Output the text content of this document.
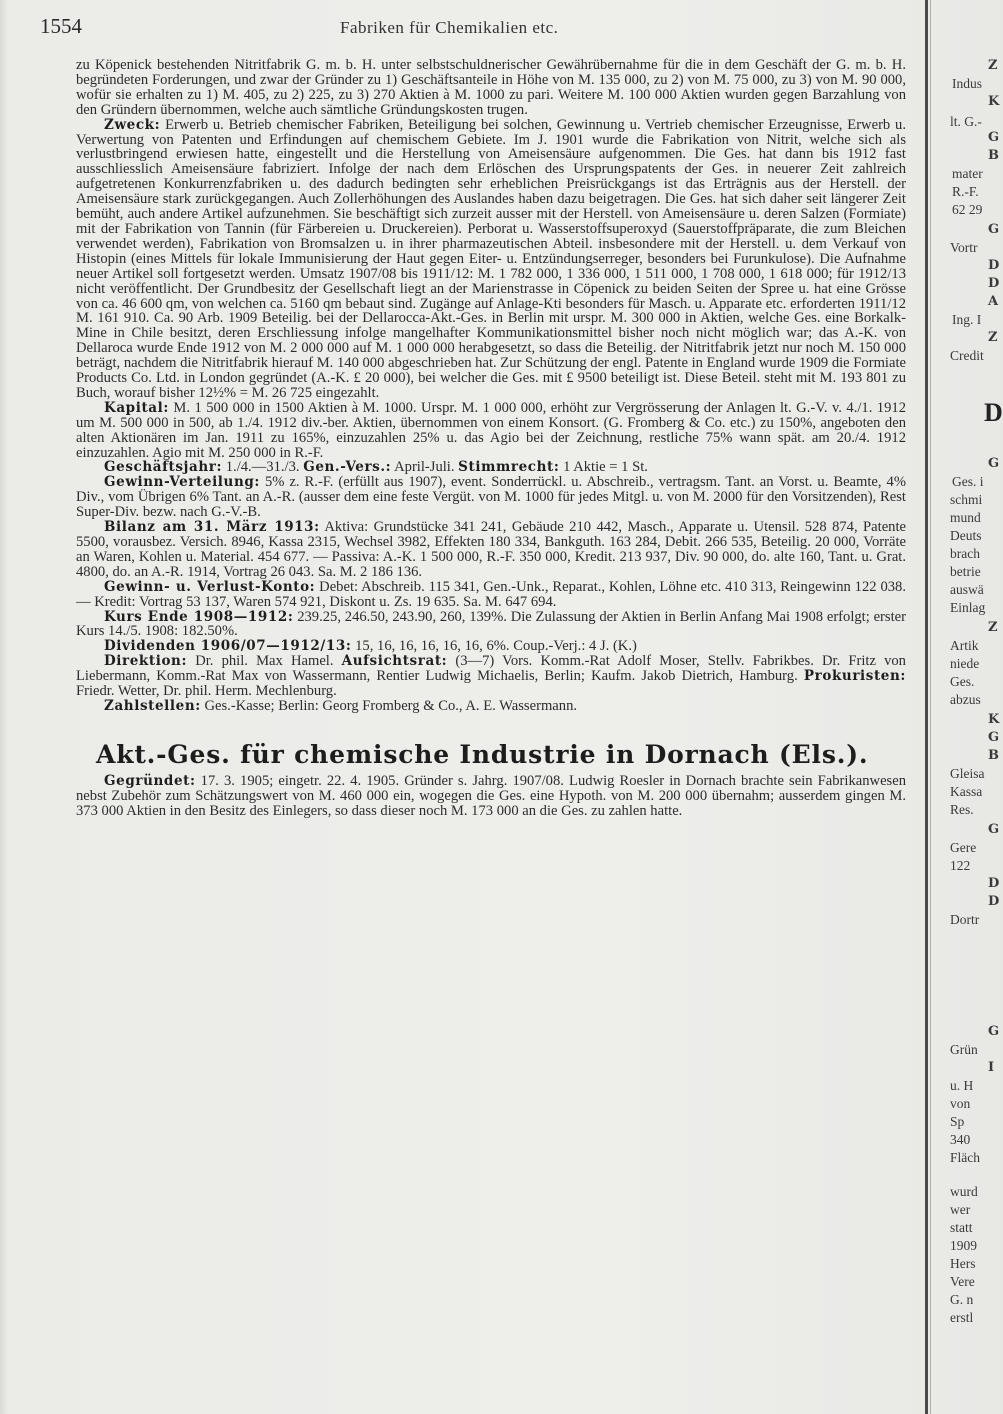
1554	Fabriken für Chemikalien etc.

zu Köpenick bestehenden Nitritfabrik G. m. b. H. unter selbstschuldnerischer Gewährübernahme für die in dem Geschäft der G. m. b. H. begründeten Forderungen, und zwar der Gründer zu 1) Geschäftsanteile in Höhe von M. 135 000, zu 2) von M. 75 000, zu 3) von M. 90 000, wofür sie erhalten zu 1) M. 405, zu 2) 225, zu 3) 270 Aktien à M. 1000 zu pari. Weitere M. 100 000 Aktien wurden gegen Barzahlung von den Gründern übernommen, welche auch sämtliche Gründungskosten trugen.

Zweck: Erwerb u. Betrieb chemischer Fabriken, Beteiligung bei solchen, Gewinnung u. Vertrieb chemischer Erzeugnisse, Erwerb u. Verwertung von Patenten und Erfindungen auf chemischem Gebiete. Im J. 1901 wurde die Fabrikation von Nitrit, welche sich als verlustbringend erwiesen hatte, eingestellt und die Herstellung von Ameisensäure aufgenommen. Die Ges. hat dann bis 1912 fast ausschliesslich Ameisensäure fabriziert. Infolge der nach dem Erlöschen des Ursprungspatents der Ges. in neuerer Zeit zahlreich aufgetretenen Konkurrenzfabriken u. des dadurch bedingten sehr erheblichen Preisrückgangs ist das Erträgnis aus der Herstell. der Ameisensäure stark zurückgegangen. Auch Zollerhöhungen des Auslandes haben dazu beigetragen. Die Ges. hat sich daher seit längerer Zeit bemüht, auch andere Artikel aufzunehmen. Sie beschäftigt sich zurzeit ausser mit der Herstell. von Ameisensäure u. deren Salzen (Formiate) mit der Fabrikation von Tannin (für Färbereien u. Druckereien). Perborat u. Wasserstoffsuperoxyd (Sauerstoffpräparate, die zum Bleichen verwendet werden), Fabrikation von Bromsalzen u. in ihrer pharmazeutischen Abteil. insbesondere mit der Herstell. u. dem Verkauf von Histopin (eines Mittels für lokale Immunisierung der Haut gegen Eiter- u. Entzündungserreger, besonders bei Furunkulose). Die Aufnahme neuer Artikel soll fortgesetzt werden. Umsatz 1907/08 bis 1911/12: M. 1 782 000, 1 336 000, 1 511 000, 1 708 000, 1 618 000; für 1912/13 nicht veröffentlicht. Der Grundbesitz der Gesellschaft liegt an der Marienstrasse in Cöpenick zu beiden Seiten der Spree u. hat eine Grösse von ca. 46 600 qm, von welchen ca. 5160 qm bebaut sind. Zugänge auf Anlage-Kti besonders für Masch. u. Apparate etc. erforderten 1911/12 M. 161 910. Ca. 90 Arb. 1909 Beteilig. bei der Dellarocca-Akt.-Ges. in Berlin mit urspr. M. 300 000 in Aktien, welche Ges. eine Borkalk-Mine in Chile besitzt, deren Erschliessung infolge mangelhafter Kommunikationsmittel bisher noch nicht möglich war; das A.-K. von Dellaroca wurde Ende 1912 von M. 2 000 000 auf M. 1 000 000 herabgesetzt, so dass die Beteilig. der Nitritfabrik jetzt nur noch M. 150 000 beträgt, nachdem die Nitritfabrik hierauf M. 140 000 abgeschrieben hat. Zur Schützung der engl. Patente in England wurde 1909 die Formiate Products Co. Ltd. in London gegründet (A.-K. £ 20 000), bei welcher die Ges. mit £ 9500 beteiligt ist. Diese Beteil. steht mit M. 193 801 zu Buch, worauf bisher 12½% = M. 26 725 eingezahlt.

Kapital: M. 1 500 000 in 1500 Aktien à M. 1000. Urspr. M. 1 000 000, erhöht zur Vergrösserung der Anlagen lt. G.-V. v. 4./1. 1912 um M. 500 000 in 500, ab 1./4. 1912 div.-ber. Aktien, übernommen von einem Konsort. (G. Fromberg & Co. etc.) zu 150%, angeboten den alten Aktionären im Jan. 1911 zu 165%, einzuzahlen 25% u. das Agio bei der Zeichnung, restliche 75% wann spät. am 20./4. 1912 einzuzahlen. Agio mit M. 250 000 in R.-F.

Geschäftsjahr: 1./4.—31./3. Gen.-Vers.: April-Juli. Stimmrecht: 1 Aktie = 1 St.

Gewinn-Verteilung: 5% z. R.-F. (erfüllt aus 1907), event. Sonderrückl. u. Abschreib., vertragsm. Tant. an Vorst. u. Beamte, 4% Div., vom Übrigen 6% Tant. an A.-R. (ausser dem eine feste Vergüt. von M. 1000 für jedes Mitgl. u. von M. 2000 für den Vorsitzenden), Rest Super-Div. bezw. nach G.-V.-B.

Bilanz am 31. März 1913: Aktiva: Grundstücke 341 241, Gebäude 210 442, Masch., Apparate u. Utensil. 528 874, Patente 5500, vorausbez. Versich. 8946, Kassa 2315, Wechsel 3982, Effekten 180 334, Bankguth. 163 284, Debit. 266 535, Beteilig. 20 000, Vorräte an Waren, Kohlen u. Material. 454 677. — Passiva: A.-K. 1 500 000, R.-F. 350 000, Kredit. 213 937, Div. 90 000, do. alte 160, Tant. u. Grat. 4800, do. an A.-R. 1914, Vortrag 26 043. Sa. M. 2 186 136.

Gewinn- u. Verlust-Konto: Debet: Abschreib. 115 341, Gen.-Unk., Reparat., Kohlen, Löhne etc. 410 313, Reingewinn 122 038. — Kredit: Vortrag 53 137, Waren 574 921, Diskont u. Zs. 19 635. Sa. M. 647 694.

Kurs Ende 1908—1912: 239.25, 246.50, 243.90, 260, 139%. Die Zulassung der Aktien in Berlin Anfang Mai 1908 erfolgt; erster Kurs 14./5. 1908: 182.50%.

Dividenden 1906/07—1912/13: 15, 16, 16, 16, 16, 16, 6%. Coup.-Verj.: 4 J. (K.)

Direktion: Dr. phil. Max Hamel. Aufsichtsrat: (3—7) Vors. Komm.-Rat Adolf Moser, Stellv. Fabrikbes. Dr. Fritz von Liebermann, Komm.-Rat Max von Wassermann, Rentier Ludwig Michaelis, Berlin; Kaufm. Jakob Dietrich, Hamburg. Prokuristen: Friedr. Wetter, Dr. phil. Herm. Mechlenburg.

Zahlstellen: Ges.-Kasse; Berlin: Georg Fromberg & Co., A. E. Wassermann.

Akt.-Ges. für chemische Industrie in Dornach (Els.).

Gegründet: 17. 3. 1905; eingetr. 22. 4. 1905. Gründer s. Jahrg. 1907/08. Ludwig Roesler in Dornach brachte sein Fabrikanwesen nebst Zubehör zum Schätzungswert von M. 460 000 ein, wogegen die Ges. eine Hypoth. von M. 200 000 übernahm; ausserdem gingen M. 373 000 Aktien in den Besitz des Einlegers, so dass dieser noch M. 173 000 an die Ges. zu zahlen hatte.

Z
Indus
K
lt. G.-
G
B
mater
R.-F.
62 29
G
Vortr
D
D
A
Ing. I
Z
Credit
D
G
Ges. i
schmi
mund
Deuts
brach
betrie
auswä
Einlag
Z
Artik
niede
Ges.
abzus
K
G
B
Gleisa
Kassa
Res.
G
Gere
122
D
D
Dortr
G
Grün
I
u. H
von
Sp
340
Fläch
wurd
wer
statt
1909
Hers
Vere
G. n
erstl
